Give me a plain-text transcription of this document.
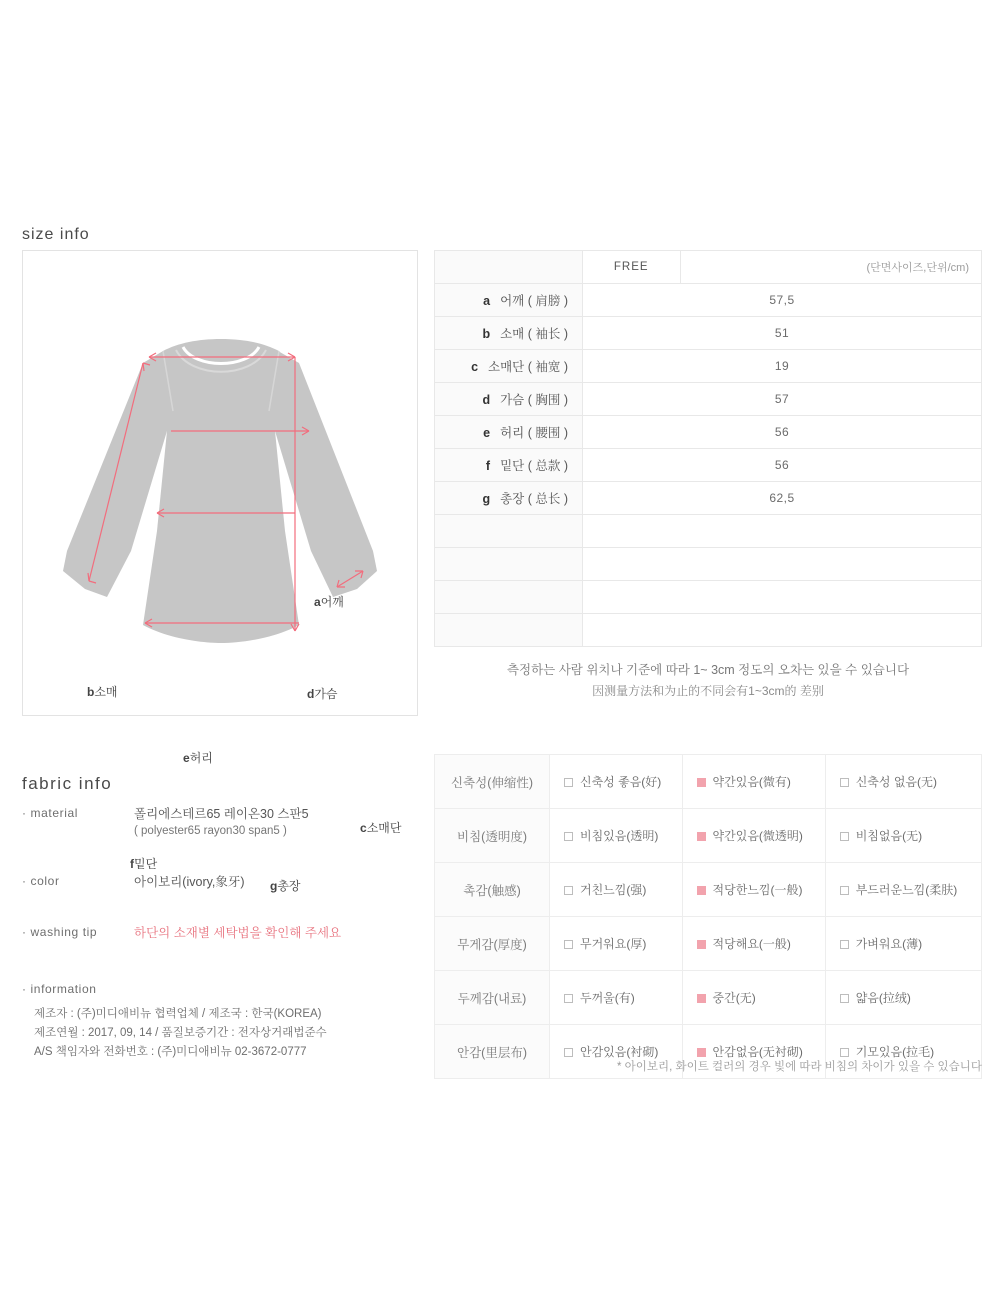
size info
a어깨
b소매
c소매단
d가슴
e허리
f밑단
g총장
	FREE	(단면사이즈,단위/cm)
a 어깨 ( 肩膀 )	57,5	
b 소매 ( 袖长 )	51	
c 소매단 ( 袖宽 )	19	
d 가슴 ( 胸围 )	57	
e 허리 ( 腰围 )	56	
f 밑단 ( 总款 )	56	
g 총장 ( 总长 )	62,5	

측정하는 사람 위치나 기준에 따라 1~ 3cm 정도의 오차는 있을 수 있습니다
因测量方法和为止的不同会有1~3cm的 差别
fabric info
· material	폴리에스테르65 레이온30 스판5
( polyester65 rayon30 span5 )
· color	아이보리(ivory,象牙)
· washing tip	하단의 소재별 세탁법을 확인해 주세요
· information
제조자 : (주)미디애비뉴 협력업체 / 제조국 : 한국(KOREA)
제조연월 : 2017, 09, 14 / 품질보증기간 : 전자상거래법준수
A/S 책임자와 전화번호 : (주)미디애비뉴 02-3672-0777
신축성(伸缩性)	신축성 좋음(好)	약간있음(微有)	신축성 없음(无)
비침(透明度)	비침있음(透明)	약간있음(微透明)	비침없음(无)
촉감(触感)	거친느낌(强)	적당한느낌(一般)	부드러운느낌(柔肤)
무게감(厚度)	무거워요(厚)	적당해요(一般)	가벼워요(薄)
두께감(내료)	두꺼울(有)	중간(无)	얇음(拉绒)
안감(里层布)	안감있음(衬砌)	안감없음(无衬砌)	기모있음(拉毛)
* 아이보리, 화이트 컬러의 경우 빛에 따라 비침의 차이가 있을 수 있습니다
